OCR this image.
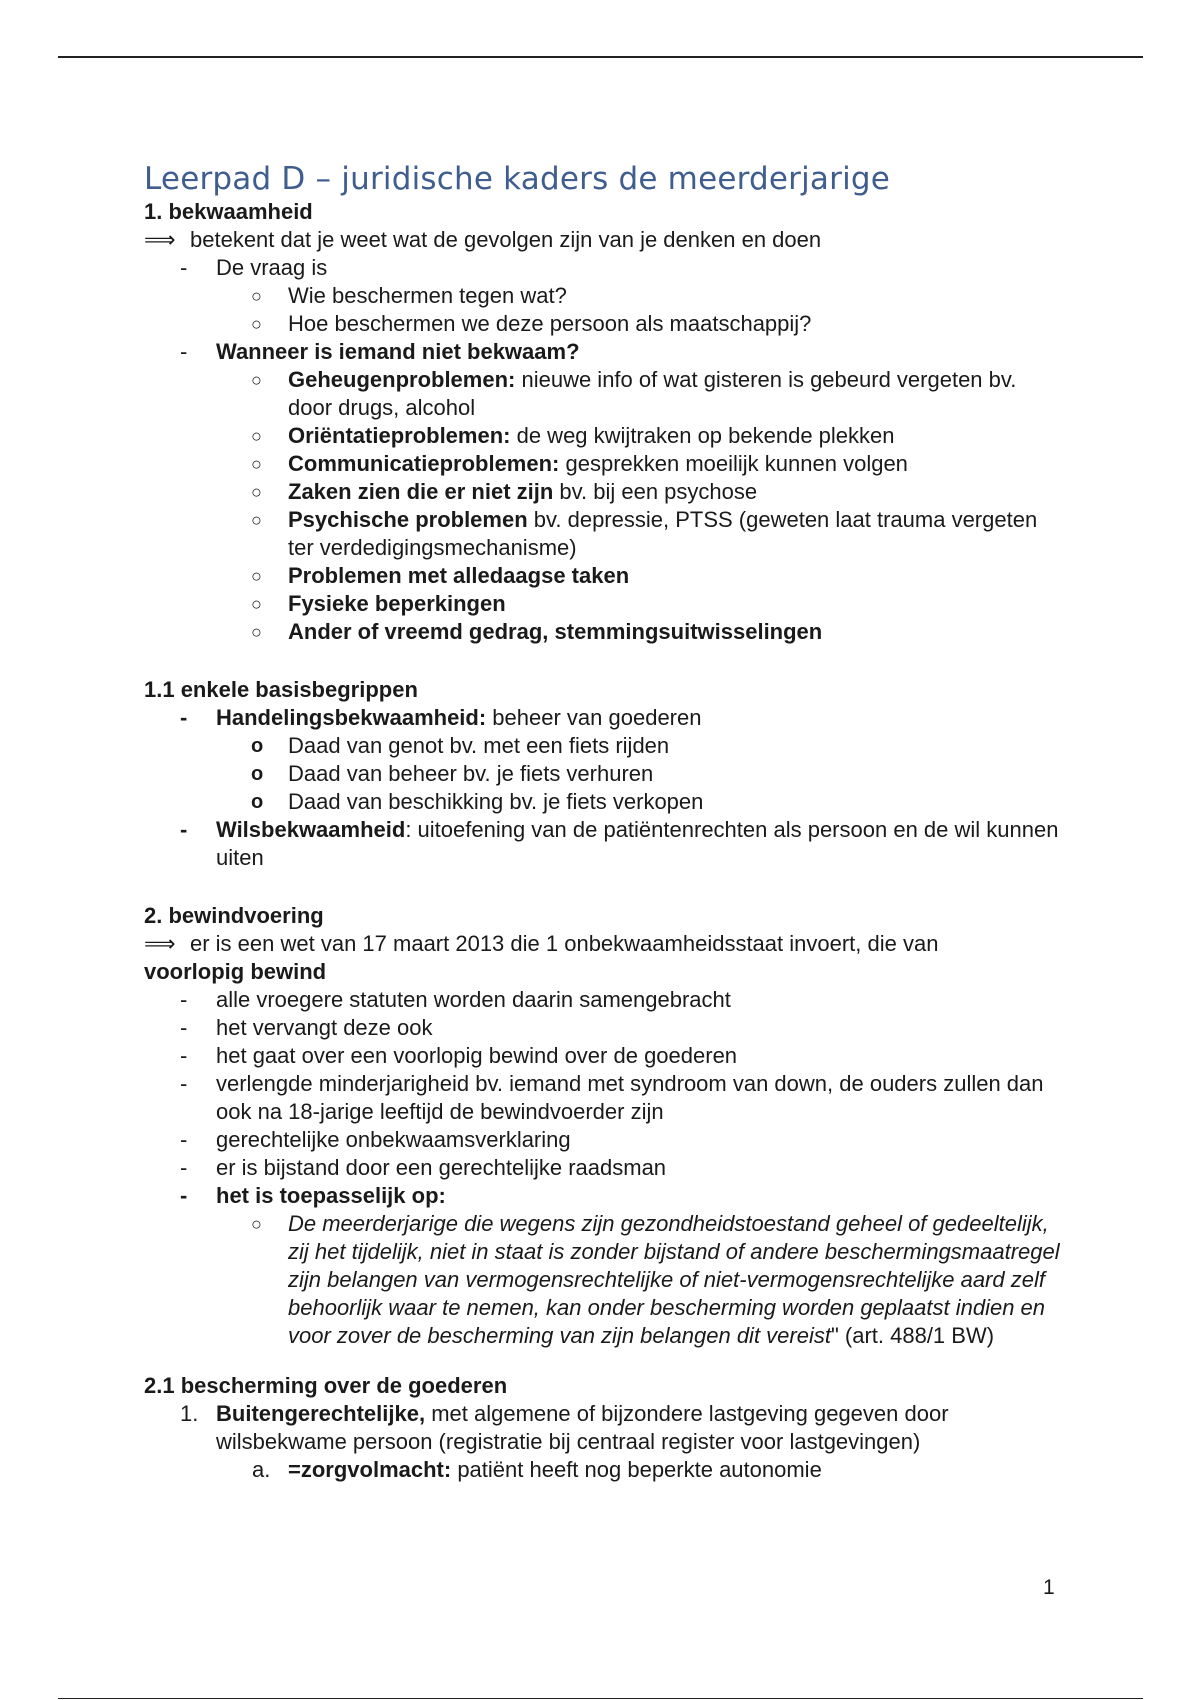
Leerpad D – juridische kaders de meerderjarige

1. bekwaamheid

⟹ betekent dat je weet wat de gevolgen zijn van je denken en doen

-	De vraag is
○ Wie beschermen tegen wat?
○ Hoe beschermen we deze persoon als maatschappij?
-	Wanneer is iemand niet bekwaam?
○ Geheugenproblemen: nieuwe info of wat gisteren is gebeurd vergeten bv. door drugs, alcohol
○ Oriëntatieproblemen: de weg kwijtraken op bekende plekken
○ Communicatieproblemen: gesprekken moeilijk kunnen volgen
○ Zaken zien die er niet zijn bv. bij een psychose
○ Psychische problemen bv. depressie, PTSS (geweten laat trauma vergeten ter verdedigingsmechanisme)
○ Problemen met alledaagse taken
○ Fysieke beperkingen
○ Ander of vreemd gedrag, stemmingsuitwisselingen

1.1 enkele basisbegrippen

-	Handelingsbekwaamheid: beheer van goederen
o Daad van genot bv. met een fiets rijden
o Daad van beheer bv. je fiets verhuren
o Daad van beschikking bv. je fiets verkopen
-	Wilsbekwaamheid: uitoefening van de patiëntenrechten als persoon en de wil kunnen uiten

2. bewindvoering

⟹ er is een wet van 17 maart 2013 die 1 onbekwaamheidsstaat invoert, die van
voorlopig bewind

-	alle vroegere statuten worden daarin samengebracht
-	het vervangt deze ook
-	het gaat over een voorlopig bewind over de goederen
-	verlengde minderjarigheid bv. iemand met syndroom van down, de ouders zullen dan ook na 18-jarige leeftijd de bewindvoerder zijn
-	gerechtelijke onbekwaamsverklaring
-	er is bijstand door een gerechtelijke raadsman
-	het is toepasselijk op:
○ De meerderjarige die wegens zijn gezondheidstoestand geheel of gedeeltelijk, zij het tijdelijk, niet in staat is zonder bijstand of andere beschermingsmaatregel zijn belangen van vermogensrechtelijke of niet-vermogensrechtelijke aard zelf behoorlijk waar te nemen, kan onder bescherming worden geplaatst indien en voor zover de bescherming van zijn belangen dit vereist" (art. 488/1 BW)

2.1 bescherming over de goederen

1. Buitengerechtelijke, met algemene of bijzondere lastgeving gegeven door wilsbekwame persoon (registratie bij centraal register voor lastgevingen)
a. =zorgvolmacht: patiënt heeft nog beperkte autonomie
1
